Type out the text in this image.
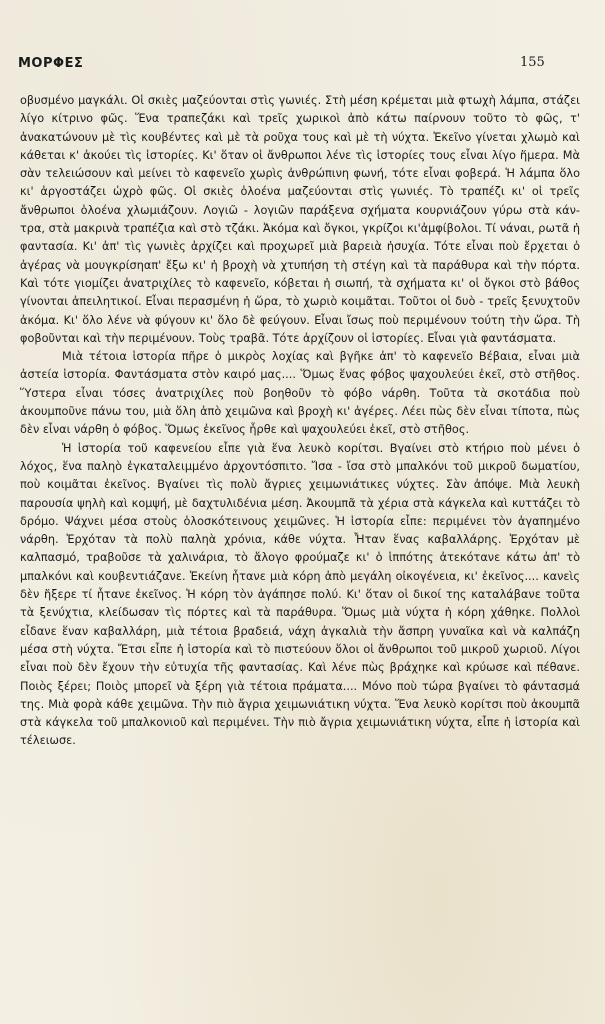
ΜΟΡΦΕΣ	155

οβυσμένο μαγκάλι. Οἱ σκιὲς μαζεύονται στὶς γωνιές. Στὴ μέση κρέμεται μιὰ φτωχὴ λάμπα, στάζει λίγο κίτρινο φῶς. Ἕνα τραπεζάκι καὶ τρεῖς χωρικοὶ ἀπὸ κάτω παίρνουν τοῦτο τὸ φῶς, τ' ἀνακατώνουν μὲ τὶς κουβέντες καὶ μὲ τὰ ροῦχα τους καὶ μὲ τὴ νύχτα. Ἐκεῖνο γίνεται χλωμὸ καὶ κάθεται κ' ἀκούει τὶς ἱστορίες. Κι' ὅταν οἱ ἄνθρωποι λένε τὶς ἱστορίες τους εἶναι λίγο ἥμερα. Μὰ σὰν τελειώσουν καὶ μείνει τὸ καφενεῖο χωρὶς ἀνθρώπινη φωνή, τότε εἶναι φοβερά. Ἡ λάμπα ὅλο κι' ἀργοστάζει ὠχρὸ φῶς. Οἱ σκιὲς ὁλοένα μαζεύονται στὶς γωνιές. Τὸ τραπέζι κι' οἱ τρεῖς ἄνθρωποι ὁλοένα χλωμιάζουν. Λογιῶ - λογιῶν παράξενα σχήματα κουρνιάζουν γύρω στὰ κάν- τρα, στὰ μακρινὰ τραπέζια καὶ στὸ τζάκι. Ἀκόμα καὶ ὄγκοι, γκρίζοι κι'ἀμφίβολοι. Τί νάναι, ρωτᾶ ἡ φαντασία. Κι' ἀπ' τὶς γωνιὲς ἀρχίζει καὶ προχωρεῖ μιὰ βαρειὰ ἡσυχία. Τότε εἶναι ποὺ ἔρχεται ὁ ἀγέρας νὰ μουγκρίσηαπ' ἔξω κι' ἡ βροχὴ νὰ χτυπήση τὴ στέγη καὶ τὰ παράθυρα καὶ τὴν πόρτα. Καὶ τότε γιομίζει ἀνατριχίλες τὸ καφενεῖο, κόβεται ἡ σιωπή, τὰ σχήματα κι' οἱ ὄγκοι στὸ βάθος γίνονται ἀπειλητικοί. Εἶναι περασμένη ἡ ὥρα, τὸ χωριὸ κοιμᾶται. Τοῦτοι οἱ δυὸ - τρεῖς ξενυχτοῦν ἀκόμα. Κι' ὅλο λένε νὰ φύγουν κι' ὅλο δὲ φεύγουν. Εἶναι ἴσως ποὺ περιμένουν τούτη τὴν ὥρα. Τὴ φοβοῦνται καὶ τὴν περιμένουν. Τοὺς τραβᾶ. Τότε ἀρχίζουν οἱ ἱστορίες. Εἶναι γιὰ φαντάσματα.

Μιὰ τέτοια ἱστορία πῆρε ὁ μικρὸς λοχίας καὶ βγῆκε ἀπ' τὸ καφενεῖο Βέβαια, εἶναι μιὰ ἀστεία ἱστορία. Φαντάσματα στὸν καιρό μας.... Ὅμως ἕνας φόβος ψαχουλεύει ἐκεῖ, στὸ στῆθος. Ὕστερα εἶναι τόσες ἀνατριχίλες ποὺ βοηθοῦν τὸ φόβο νάρθη. Τοῦτα τὰ σκοτάδια ποὺ ἀκουμποῦνε πάνω του, μιὰ ὅλη ἀπὸ χειμῶνα καὶ βροχὴ κι' ἀγέρες. Λέει πὼς δὲν εἶναι τίποτα, πὼς δὲν εἶναι νάρθη ὁ φόβος. Ὅμως ἐκεῖνος ἦρθε καὶ ψαχουλεύει ἐκεῖ, στὸ στῆθος.

Ἡ ἱστορία τοῦ καφενείου εἶπε γιὰ ἕνα λευκὸ κορίτσι. Βγαίνει στὸ κτήριο ποὺ μένει ὁ λόχος, ἕνα παληὸ ἐγκαταλειμμένο ἀρχοντόσπιτο. Ἴσα - ἴσα στὸ μπαλκόνι τοῦ μικροῦ δωματίου, ποὺ κοιμᾶται ἐκεῖνος. Βγαίνει τὶς πολὺ ἄγριες χειμωνιάτικες νύχτες. Σὰν ἀπόψε. Μιὰ λευκὴ παρουσία ψηλὴ καὶ κομψή, μὲ δαχτυλιδένια μέση. Ἀκουμπᾶ τὰ χέρια στὰ κάγκελα καὶ κυττάζει τὸ δρόμο. Ψάχνει μέσα στοὺς ὁλοσκότεινους χειμῶνες. Ἡ ἱστορία εἶπε: περιμένει τὸν ἀγαπημένο νάρθη. Ἐρχόταν τὰ πολὺ παληὰ χρόνια, κάθε νύχτα. Ἦταν ἕνας καβαλλάρης. Ἐρχόταν μὲ καλπασμό, τραβοῦσε τὰ χαλινάρια, τὸ ἄλογο φρούμαζε κι' ὁ ἱππότης ἀτεκότανε κάτω ἀπ' τὸ μπαλκόνι καὶ κουβεντιάζανε. Ἐκείνη ἦτανε μιὰ κόρη ἀπὸ μεγάλη οἰκογένεια, κι' ἐκεῖνος.... κανεὶς δὲν ἤξερε τί ἦτανε ἐκεῖνος. Ἡ κόρη τὸν ἀγάπησε πολύ. Κι' ὅταν οἱ δικοί της καταλάβανε τοῦτα τὰ ξενύχτια, κλείδωσαν τὶς πόρτες καὶ τὰ παράθυρα. Ὅμως μιὰ νύχτα ἡ κόρη χάθηκε. Πολλοὶ εἶδανε ἕναν καβαλλάρη, μιὰ τέτοια βραδειά, νάχη ἀγκαλιὰ τὴν ἄσπρη γυναῖκα καὶ νὰ καλπάζη μέσα στὴ νύχτα. Ἔτσι εἶπε ἡ ἱστορία καὶ τὸ πιστεύουν ὅλοι οἱ ἄνθρωποι τοῦ μικροῦ χωριοῦ. Λίγοι εἶναι ποὺ δὲν ἔχουν τὴν εὐτυχία τῆς φαντασίας. Καὶ λένε πὼς βράχηκε καὶ κρύωσε καὶ πέθανε. Ποιὸς ξέρει; Ποιὸς μπορεῖ νὰ ξέρη γιὰ τέτοια πράματα.... Μόνο ποὺ τώρα βγαίνει τὸ φάντασμά της. Μιὰ φορὰ κάθε χειμῶνα. Τὴν πιὸ ἄγρια χειμωνιάτικη νύχτα. Ἕνα λευκὸ κορίτσι ποὺ ἀκουμπᾶ στὰ κάγκελα τοῦ μπαλκονιοῦ καὶ περιμένει. Τὴν πιὸ ἄγρια χειμωνιάτικη νύχτα, εἶπε ἡ ἱστορία καὶ τέλειωσε.
